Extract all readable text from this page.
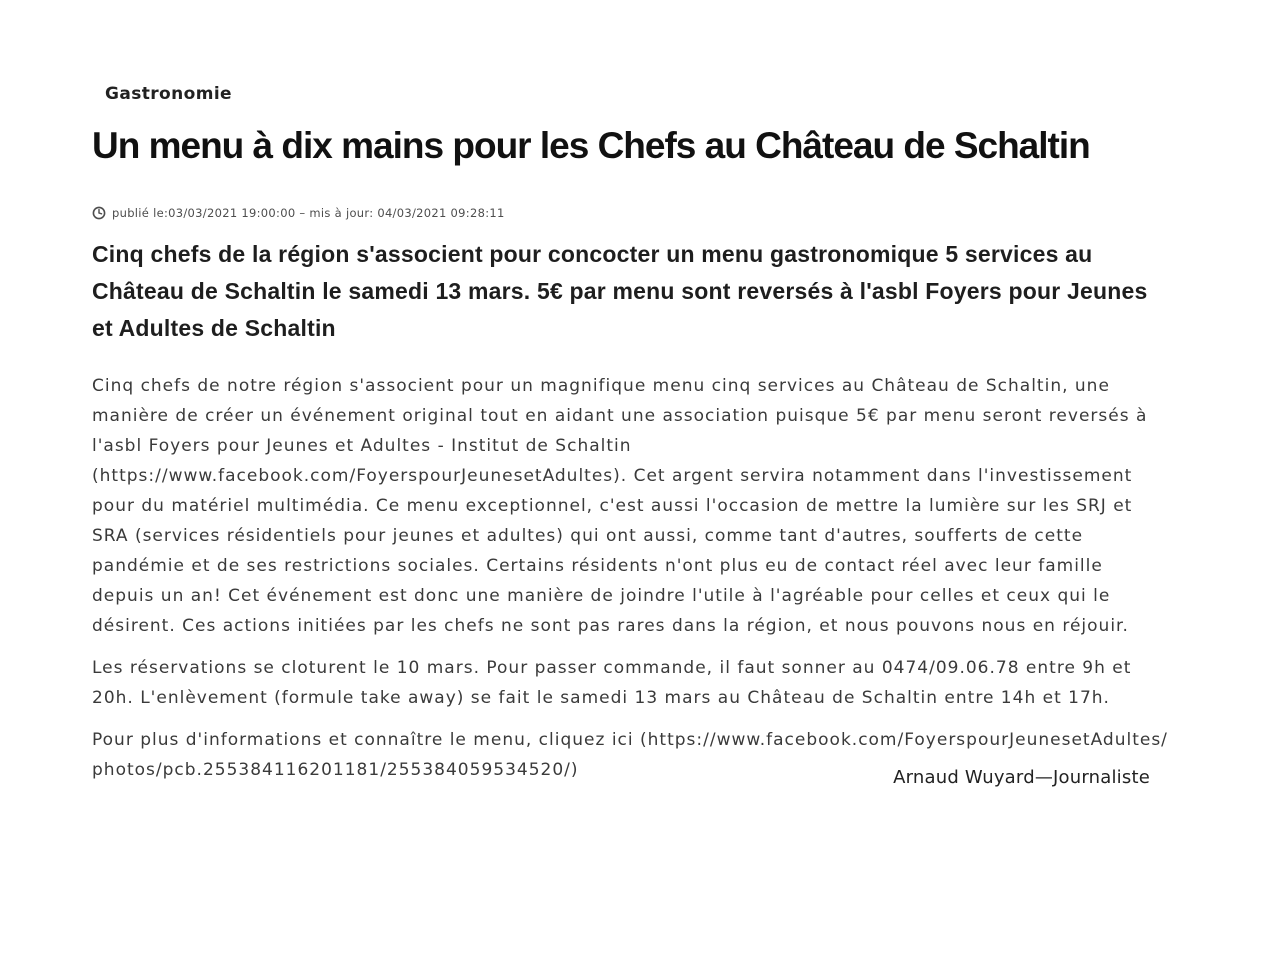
Gastronomie
Un menu à dix mains pour les Chefs au Château de Schaltin
publié le:03/03/2021 19:00:00 – mis à jour: 04/03/2021 09:28:11

Cinq chefs de la région s'associent pour concocter un menu gastronomique 5 services au Château de Schaltin le samedi 13 mars. 5€ par menu sont reversés à l'asbl Foyers pour Jeunes et Adultes de Schaltin

Cinq chefs de notre région s'associent pour un magnifique menu cinq services au Château de Schaltin, une manière de créer un événement original tout en aidant une association puisque 5€ par menu seront reversés à l'asbl Foyers pour Jeunes et Adultes - Institut de Schaltin (https://www.facebook.com/FoyerspourJeunesetAdultes). Cet argent servira notamment dans l'investissement pour du matériel multimédia. Ce menu exceptionnel, c'est aussi l'occasion de mettre la lumière sur les SRJ et SRA (services résidentiels pour jeunes et adultes) qui ont aussi, comme tant d'autres, soufferts de cette pandémie et de ses restrictions sociales. Certains résidents n'ont plus eu de contact réel avec leur famille depuis un an! Cet événement est donc une manière de joindre l'utile à l'agréable pour celles et ceux qui le désirent. Ces actions initiées par les chefs ne sont pas rares dans la région, et nous pouvons nous en réjouir.

Les réservations se cloturent le 10 mars. Pour passer commande, il faut sonner au 0474/09.06.78 entre 9h et 20h. L'enlèvement (formule take away) se fait le samedi 13 mars au Château de Schaltin entre 14h et 17h.

Pour plus d'informations et connaître le menu, cliquez ici (https://www.facebook.com/FoyerspourJeunesetAdultes/photos/pcb.255384116201181/255384059534520/)	Arnaud Wuyard—Journaliste
